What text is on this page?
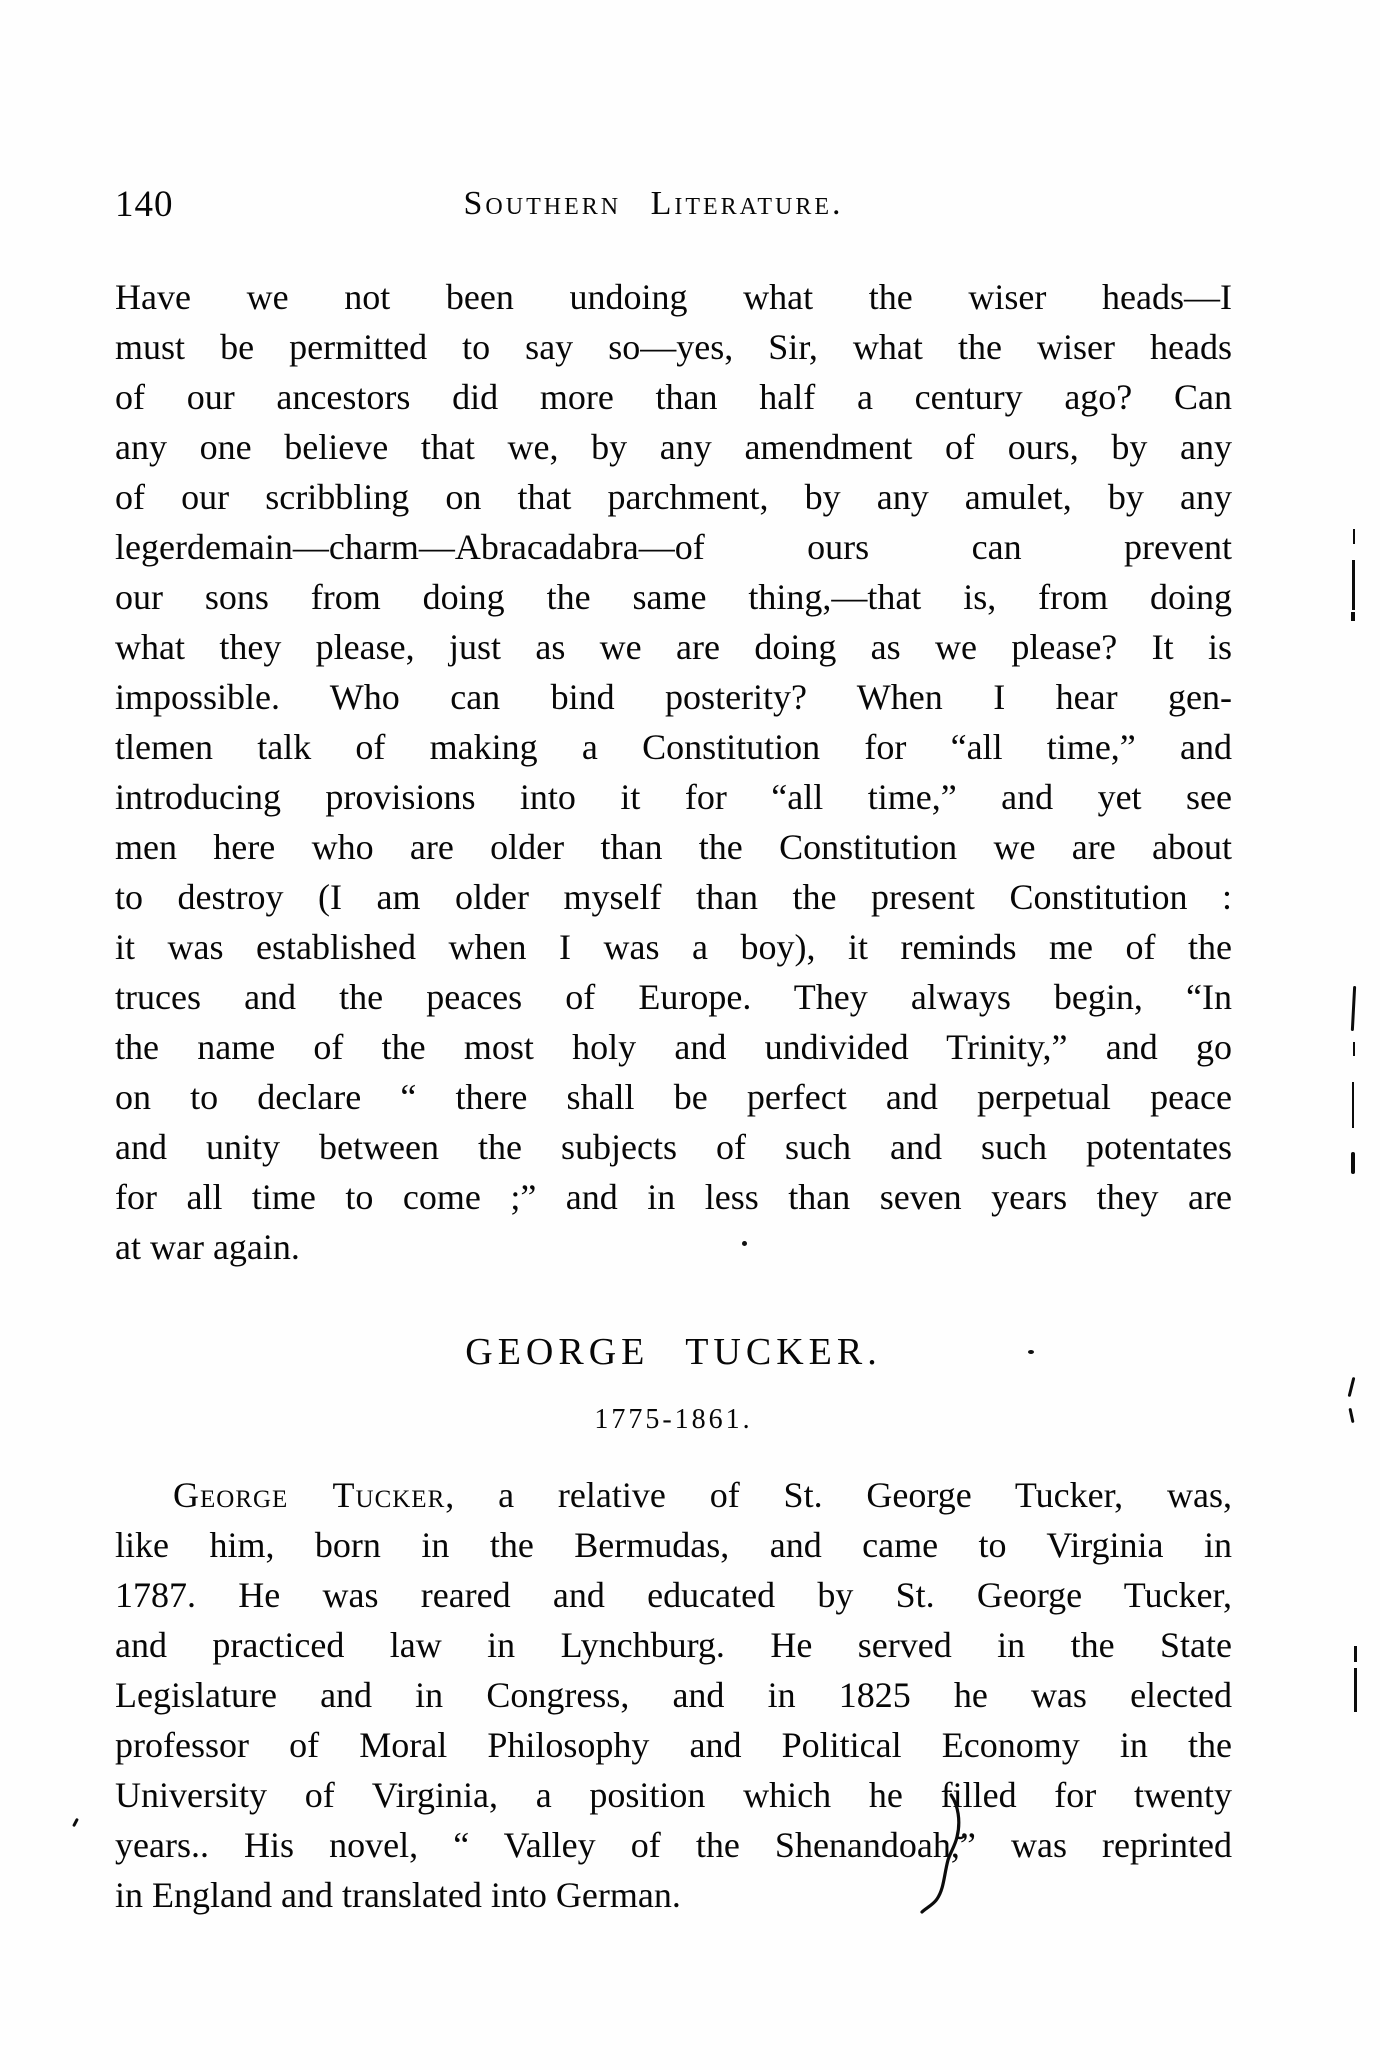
140	Southern Literature.
Have we not been undoing what the wiser heads—I
must be permitted to say so—yes, Sir, what the wiser heads
of our ancestors did more than half a century ago? Can
any one believe that we, by any amendment of ours, by any
of our scribbling on that parchment, by any amulet, by any
legerdemain—charm—Abracadabra—of ours can prevent
our sons from doing the same thing,—that is, from doing
what they please, just as we are doing as we please? It is
impossible. Who can bind posterity? When I hear gen-
tlemen talk of making a Constitution for “all time,” and
introducing provisions into it for “all time,” and yet see
men here who are older than the Constitution we are about
to destroy (I am older myself than the present Constitution :
it was established when I was a boy), it reminds me of the
truces and the peaces of Europe. They always begin, “In
the name of the most holy and undivided Trinity,” and go
on to declare “ there shall be perfect and perpetual peace
and unity between the subjects of such and such potentates
for all time to come ;” and in less than seven years they are
at war again.
GEORGE TUCKER.
1775-1861.
George Tucker, a relative of St. George Tucker, was,
like him, born in the Bermudas, and came to Virginia in
1787. He was reared and educated by St. George Tucker,
and practiced law in Lynchburg. He served in the State
Legislature and in Congress, and in 1825 he was elected
professor of Moral Philosophy and Political Economy in the
University of Virginia, a position which he filled for twenty
years.. His novel, “ Valley of the Shenandoah,” was reprinted
in England and translated into German.
